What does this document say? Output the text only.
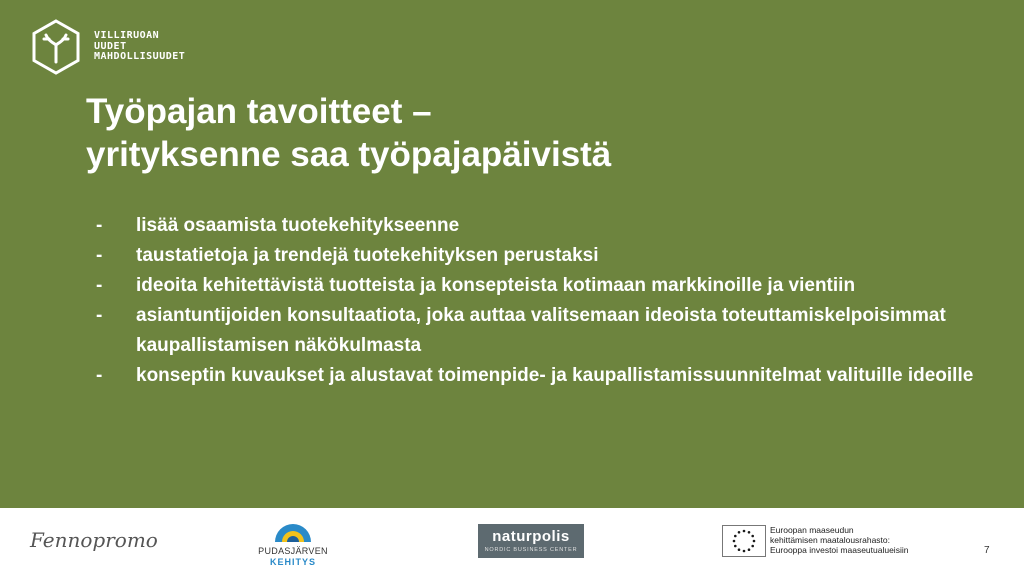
VILLIRUOAN
UUDET
MAHDOLLISUUDET
Työpajan tavoitteet –
yrityksenne saa työpajapäivistä
-	lisää osaamista tuotekehitykseenne
-	taustatietoja ja trendejä tuotekehityksen perustaksi
-	ideoita kehitettävistä tuotteista ja konsepteista kotimaan markkinoille ja vientiin
-	asiantuntijoiden konsultaatiota, joka auttaa valitsemaan ideoista toteuttamiskelpoisimmat kaupallistamisen näkökulmasta
-	konseptin kuvaukset ja alustavat toimenpide- ja kaupallistamissuunnitelmat valituille ideoille
Fennopromo	PUDASJÄRVEN
KEHITYS
naturpolis
NORDIC BUSINESS CENTER
Euroopan maaseudun
kehittämisen maatalousrahasto:
Eurooppa investoi maaseutualueisiin	7
